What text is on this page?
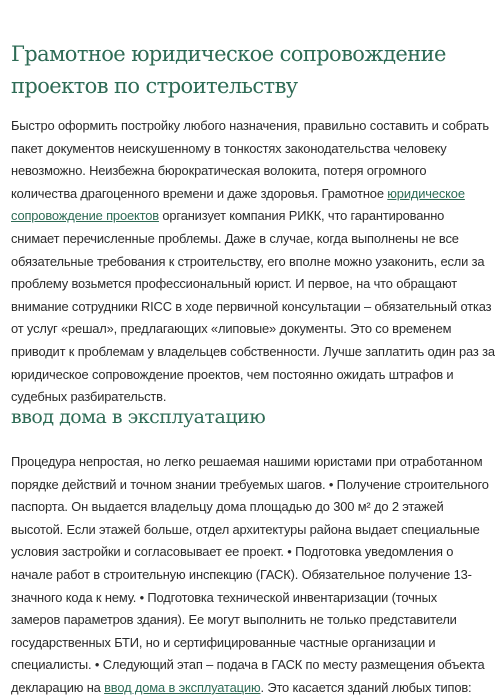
Грамотное юридическое сопровождение
проектов по строительству

Быстро оформить постройку любого назначения, правильно составить и собрать
пакет документов неискушенному в тонкостях законодательства человеку
невозможно. Неизбежна бюрократическая волокита, потеря огромного
количества драгоценного времени и даже здоровья. Грамотное юридическое
сопровождение проектов организует компания РИКК, что гарантированно
снимает перечисленные проблемы. Даже в случае, когда выполнены не все
обязательные требования к строительству, его вполне можно узаконить, если за
проблему возьмется профессиональный юрист. И первое, на что обращают
внимание сотрудники RICC в ходе первичной консультации – обязательный отказ
от услуг «решал», предлагающих «липовые» документы. Это со временем
приводит к проблемам у владельцев собственности. Лучше заплатить один раз за
юридическое сопровождение проектов, чем постоянно ожидать штрафов и
судебных разбирательств.

ввод дома в эксплуатацию

Процедура непростая, но легко решаемая нашими юристами при отработанном
порядке действий и точном знании требуемых шагов. • Получение строительного
паспорта. Он выдается владельцу дома площадью до 300 м² до 2 этажей
высотой. Если этажей больше, отдел архитектуры района выдает специальные
условия застройки и согласовывает ее проект. • Подготовка уведомления о
начале работ в строительную инспекцию (ГАСК). Обязательное получение 13-
значного кода к нему. • Подготовка технической инвентаризации (точных
замеров параметров здания). Ее могут выполнить не только представители
государственных БТИ, но и сертифицированные частные организации и
специалисты. • Следующий этап – подача в ГАСК по месту размещения объекта
декларацию на ввод дома в эксплуатацию. Это касается зданий любых типов:
